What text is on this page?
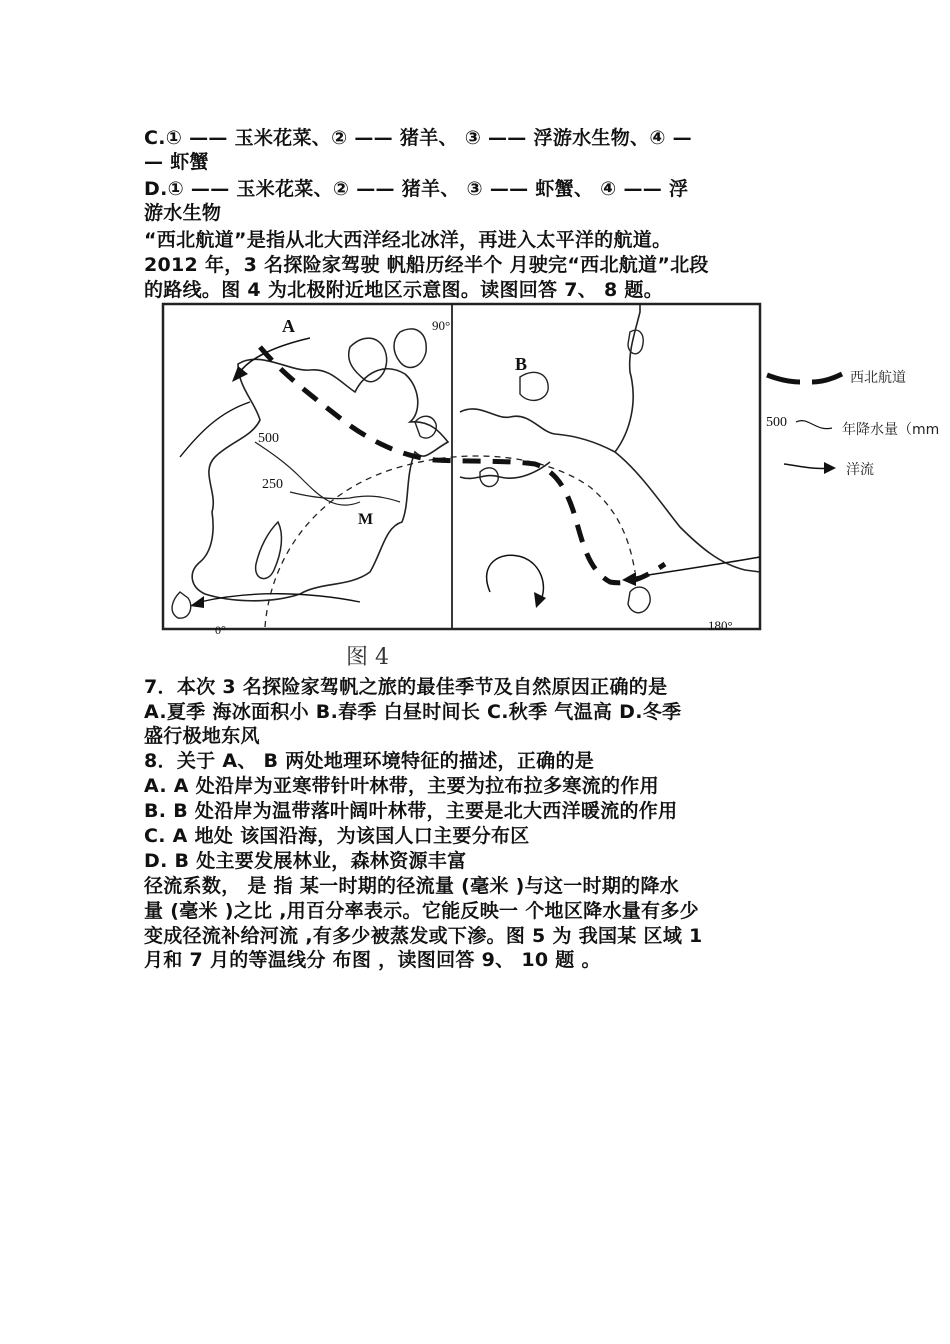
C.① —— 玉米花菜、② —— 猪羊、 ③ —— 浮游水生物、④ —
— 虾蟹
D.① —— 玉米花菜、② —— 猪羊、 ③ —— 虾蟹、 ④ —— 浮
游水生物
“西北航道”是指从北大西洋经北冰洋，再进入太平洋的航道。
2012 年，3 名探险家驾驶 帆船历经半个 月驶完“西北航道”北段
的路线。图 4 为北极附近地区示意图。读图回答 7、 8 题。
A
B
M
90°
180°
0°
500
250
西北航道
500	年降水量（mm
洋流
图 4
7．本次 3 名探险家驾帆之旅的最佳季节及自然原因正确的是
A.夏季 海冰面积小 B.春季 白昼时间长 C.秋季 气温高 D.冬季
盛行极地东风
8．关于 A、 B 两处地理环境特征的描述，正确的是
A. A 处沿岸为亚寒带针叶林带，主要为拉布拉多寒流的作用
B. B 处沿岸为温带落叶阔叶林带，主要是北大西洋暖流的作用
C. A 地处 该国沿海，为该国人口主要分布区
D. B 处主要发展林业，森林资源丰富
径流系数， 是 指 某一时期的径流量 (毫米 )与这一时期的降水
量 (毫米 )之比 ,用百分率表示。它能反映一 个地区降水量有多少
变成径流补给河流 ,有多少被蒸发或下渗。图 5 为 我国某 区域 1
月和 7 月的等温线分 布图 ，读图回答 9、 10 题 。
